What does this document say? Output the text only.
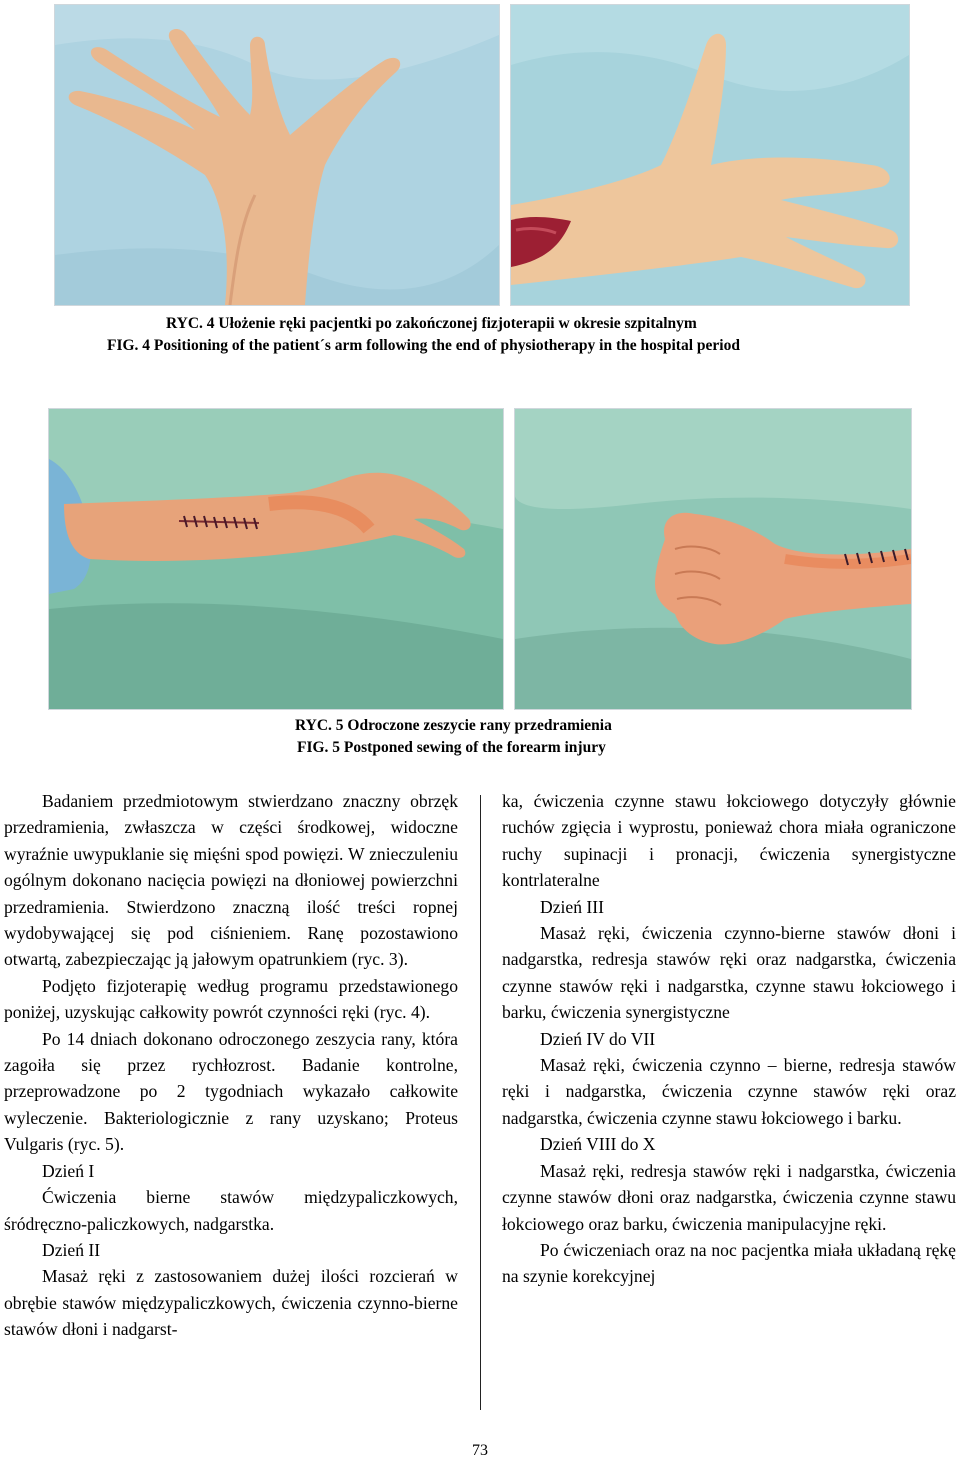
RYC. 4 Ułożenie ręki pacjentki po zakończonej fizjoterapii w okresie szpitalnym
FIG. 4 Positioning of the patient´s arm following the end of physiotherapy in the hospital period
RYC. 5 Odroczone zeszycie rany przedramienia
FIG. 5 Postponed sewing of the forearm injury

Badaniem przedmiotowym stwierdzano znaczny obrzęk przedramienia, zwłaszcza w części środkowej, widoczne wyraźnie uwypuklanie się mięśni spod powięzi. W znieczuleniu ogólnym dokonano nacięcia powięzi na dłoniowej powierzchni przedramienia. Stwierdzono znaczną ilość treści ropnej wydobywającej się pod ciśnieniem. Ranę pozostawiono otwartą, zabezpieczając ją jałowym opatrunkiem (ryc. 3).

Podjęto fizjoterapię według programu przedstawionego poniżej, uzyskując całkowity powrót czynności ręki (ryc. 4).

Po 14 dniach dokonano odroczonego zeszycia rany, która zagoiła się przez rychłozrost. Badanie kontrolne, przeprowadzone po 2 tygodniach wykazało całkowite wyleczenie. Bakteriologicznie z rany uzyskano; Proteus Vulgaris (ryc. 5).

Dzień I

Ćwiczenia bierne stawów międzypaliczkowych, śródręczno-paliczkowych, nadgarstka.

Dzień II

Masaż ręki z zastosowaniem dużej ilości rozcierań w obrębie stawów międzypaliczkowych, ćwiczenia czynno-bierne stawów dłoni i nadgarst-

ka, ćwiczenia czynne stawu łokciowego dotyczyły głównie ruchów zgięcia i wyprostu, ponieważ chora miała ograniczone ruchy supinacji i pronacji, ćwiczenia synergistyczne kontrlateralne

Dzień III

Masaż ręki, ćwiczenia czynno-bierne stawów dłoni i nadgarstka, redresja stawów ręki oraz nadgarstka, ćwiczenia czynne stawów ręki i nadgarstka, czynne stawu łokciowego i barku, ćwiczenia synergistyczne

Dzień IV do VII

Masaż ręki, ćwiczenia czynno – bierne, redresja stawów ręki i nadgarstka, ćwiczenia czynne stawów ręki oraz nadgarstka, ćwiczenia czynne stawu łokciowego i barku.

Dzień VIII do X

Masaż ręki, redresja stawów ręki i nadgarstka, ćwiczenia czynne stawów dłoni oraz nadgarstka, ćwiczenia czynne stawu łokciowego oraz barku, ćwiczenia manipulacyjne ręki.

Po ćwiczeniach oraz na noc pacjentka miała układaną rękę na szynie korekcyjnej

73
